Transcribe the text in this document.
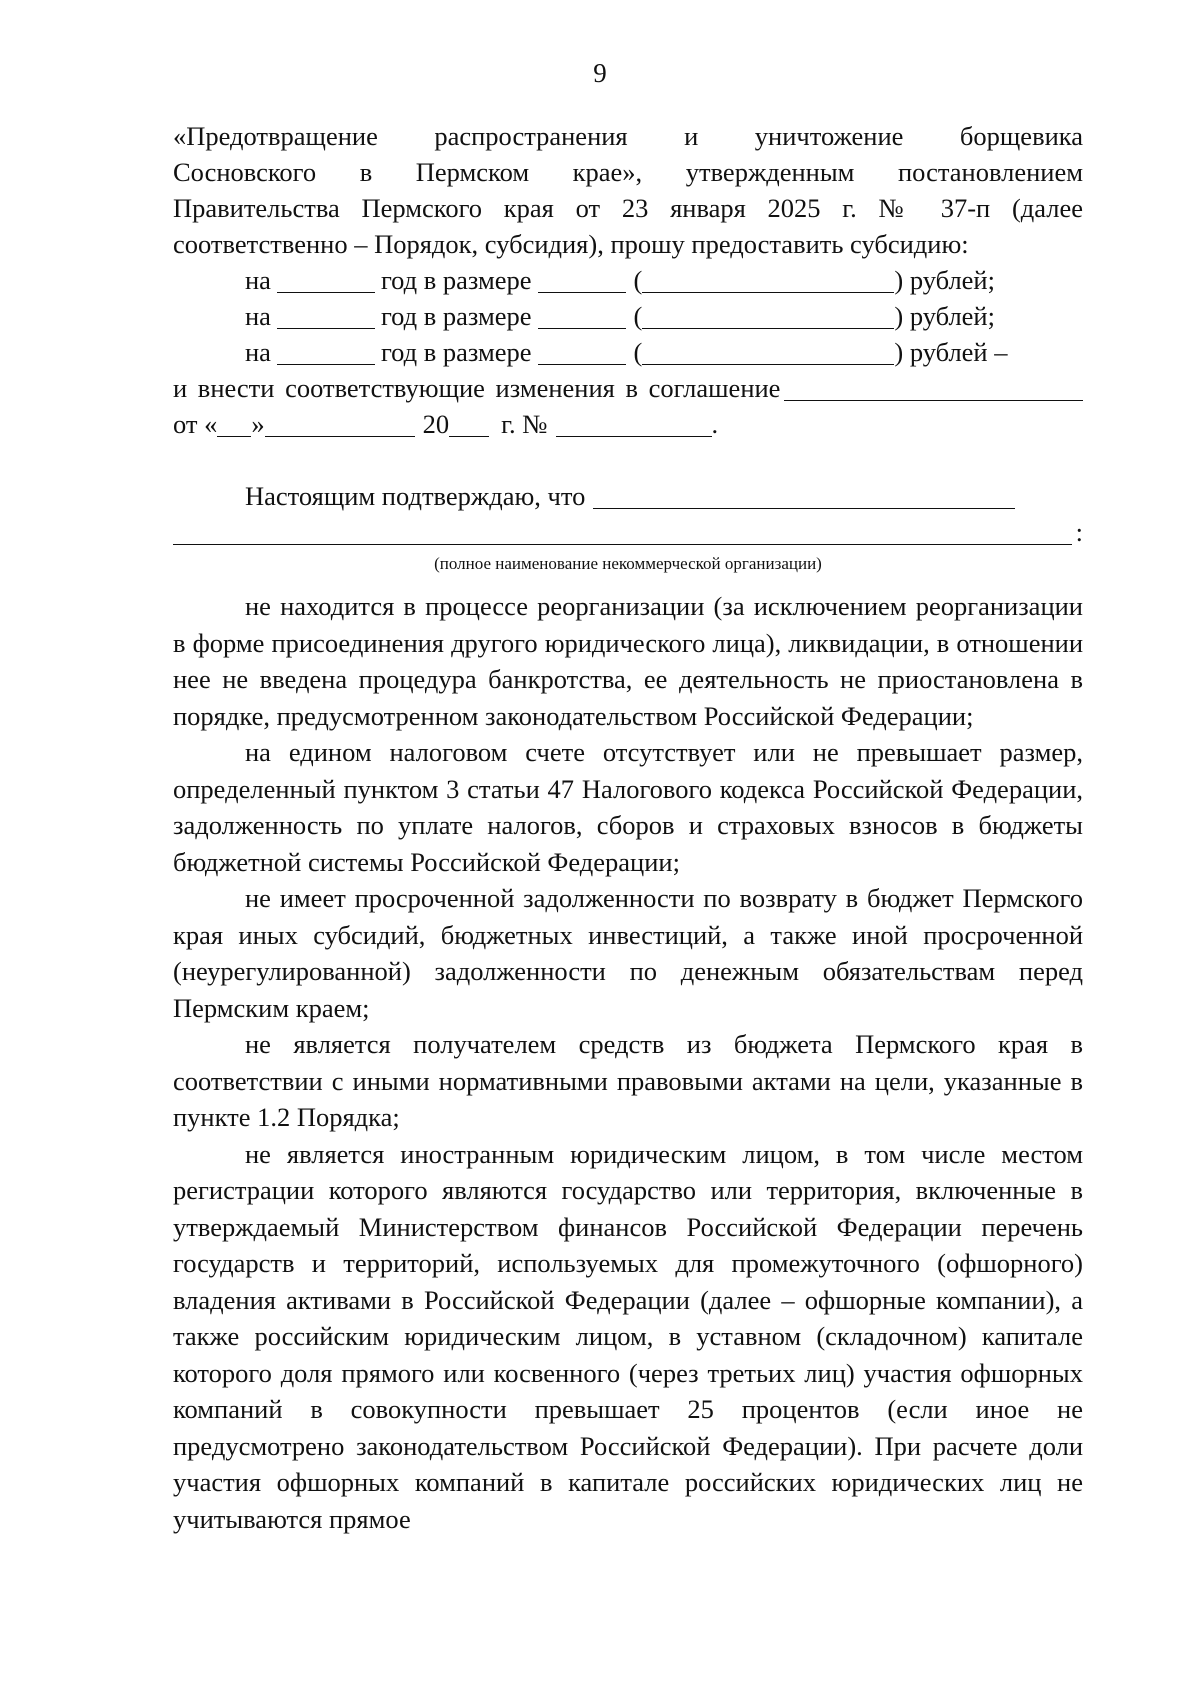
9
«Предотвращение распространения и уничтожение борщевика
Сосновского в Пермском крае», утвержденным постановлением
Правительства Пермского края от 23 января 2025 г. № 37-п (далее
соответственно – Порядок, субсидия), прошу предоставить субсидию:
на	год в размере	(	) рублей;
на	год в размере	(	) рублей;
на	год в размере	(	) рублей –
и внести соответствующие изменения в соглашение
от « »	20 г. №	.
Настоящим подтверждаю, что
:
(полное наименование некоммерческой организации)
не находится в процессе реорганизации (за исключением реорганизации в форме присоединения другого юридического лица), ликвидации, в отношении нее не введена процедура банкротства, ее деятельность не приостановлена в порядке, предусмотренном законодательством Российской Федерации;
на едином налоговом счете отсутствует или не превышает размер, определенный пунктом 3 статьи 47 Налогового кодекса Российской Федерации, задолженность по уплате налогов, сборов и страховых взносов в бюджеты бюджетной системы Российской Федерации;
не имеет просроченной задолженности по возврату в бюджет Пермского края иных субсидий, бюджетных инвестиций, а также иной просроченной (неурегулированной) задолженности по денежным обязательствам перед Пермским краем;
не является получателем средств из бюджета Пермского края в соответствии с иными нормативными правовыми актами на цели, указанные в пункте 1.2 Порядка;
не является иностранным юридическим лицом, в том числе местом регистрации которого являются государство или территория, включенные в утверждаемый Министерством финансов Российской Федерации перечень государств и территорий, используемых для промежуточного (офшорного) владения активами в Российской Федерации (далее – офшорные компании), а также российским юридическим лицом, в уставном (складочном) капитале которого доля прямого или косвенного (через третьих лиц) участия офшорных компаний в совокупности превышает 25 процентов (если иное не предусмотрено законодательством Российской Федерации). При расчете доли участия офшорных компаний в капитале российских юридических лиц не учитываются прямое
